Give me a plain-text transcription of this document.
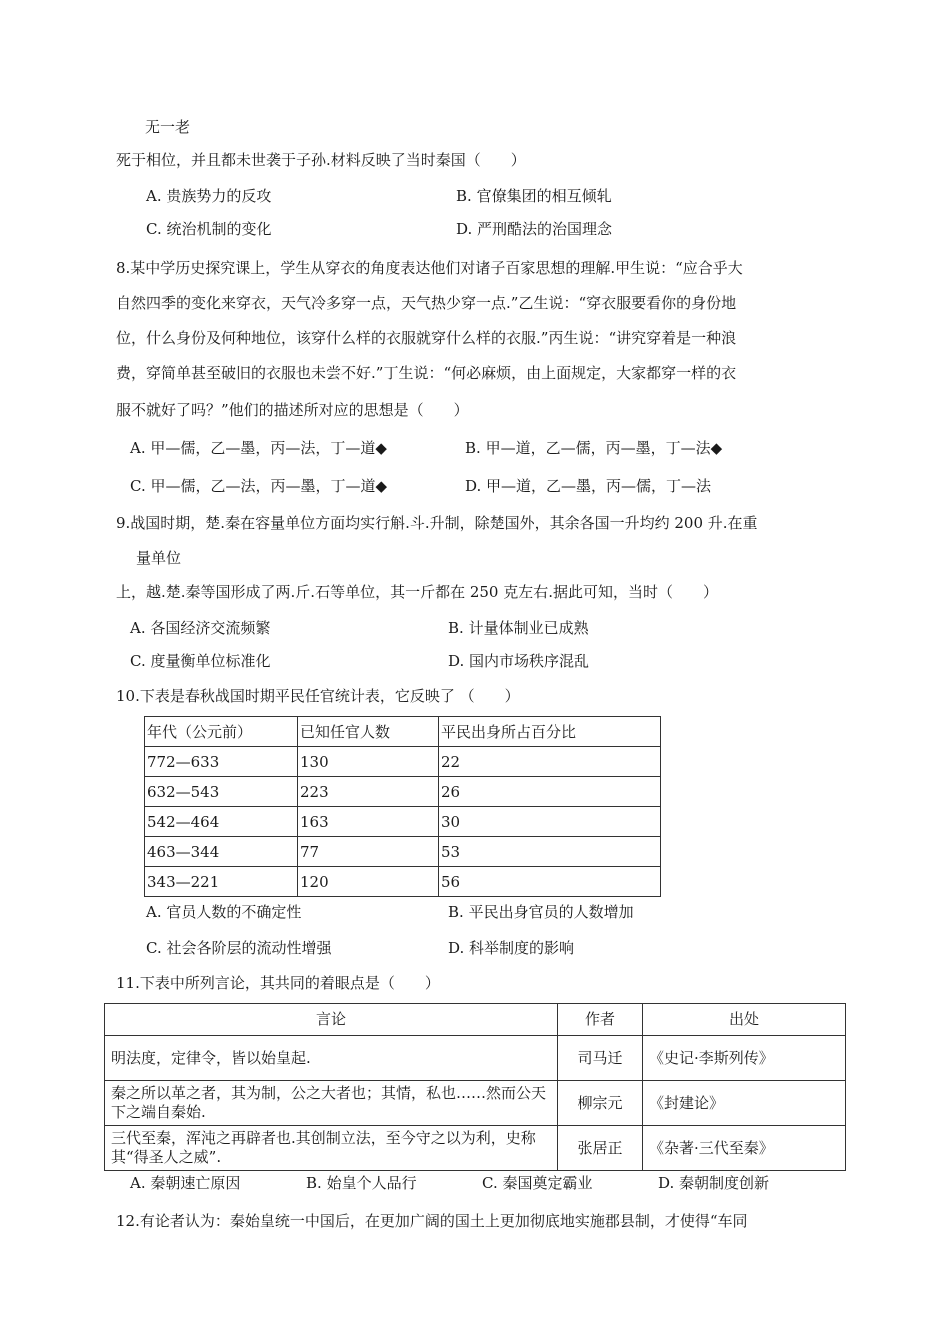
无一老
死于相位，并且都未世袭于子孙.材料反映了当时秦国（　　）
A. 贵族势力的反攻	B. 官僚集团的相互倾轧
C. 统治机制的变化	D. 严刑酷法的治国理念
8.某中学历史探究课上，学生从穿衣的角度表达他们对诸子百家思想的理解.甲生说：“应合乎大
自然四季的变化来穿衣，天气冷多穿一点，天气热少穿一点.”乙生说：“穿衣服要看你的身份地
位，什么身份及何种地位，该穿什么样的衣服就穿什么样的衣服.”丙生说：“讲究穿着是一种浪
费，穿简单甚至破旧的衣服也未尝不好.”丁生说：“何必麻烦，由上面规定，大家都穿一样的衣
服不就好了吗？”他们的描述所对应的思想是（　　）
A. 甲—儒，乙—墨，丙—法，丁—道◆	B. 甲—道，乙—儒，丙—墨，丁—法◆
C. 甲—儒，乙—法，丙—墨，丁—道◆	D. 甲—道，乙—墨，丙—儒，丁—法
9.战国时期，楚.秦在容量单位方面均实行斛.斗.升制，除楚国外，其余各国一升均约 200 升.在重
量单位
上，越.楚.秦等国形成了两.斤.石等单位，其一斤都在 250 克左右.据此可知，当时（　　）
A. 各国经济交流频繁	B. 计量体制业已成熟
C. 度量衡单位标准化	D. 国内市场秩序混乱
10.下表是春秋战国时期平民任官统计表，它反映了 （　　）
年代（公元前）	已知任官人数	平民出身所占百分比
772—633	130	22
632—543	223	26
542—464	163	30
463—344	77	53
343—221	120	56
A. 官员人数的不确定性	B. 平民出身官员的人数增加
C. 社会各阶层的流动性增强	D. 科举制度的影响
11.下表中所列言论，其共同的着眼点是（　　）
言论	作者	出处
明法度，定律令，皆以始皇起.	司马迁	《史记·李斯列传》
秦之所以革之者，其为制，公之大者也；其情，私也……然而公天下之端自秦始.	柳宗元	《封建论》
三代至秦，浑沌之再辟者也.其创制立法，至今守之以为利，史称其“得圣人之威”.	张居正	《杂著·三代至秦》
A. 秦朝速亡原因	B. 始皇个人品行	C. 秦国奠定霸业	D. 秦朝制度创新
12.有论者认为：秦始皇统一中国后，在更加广阔的国土上更加彻底地实施郡县制，才使得“车同
